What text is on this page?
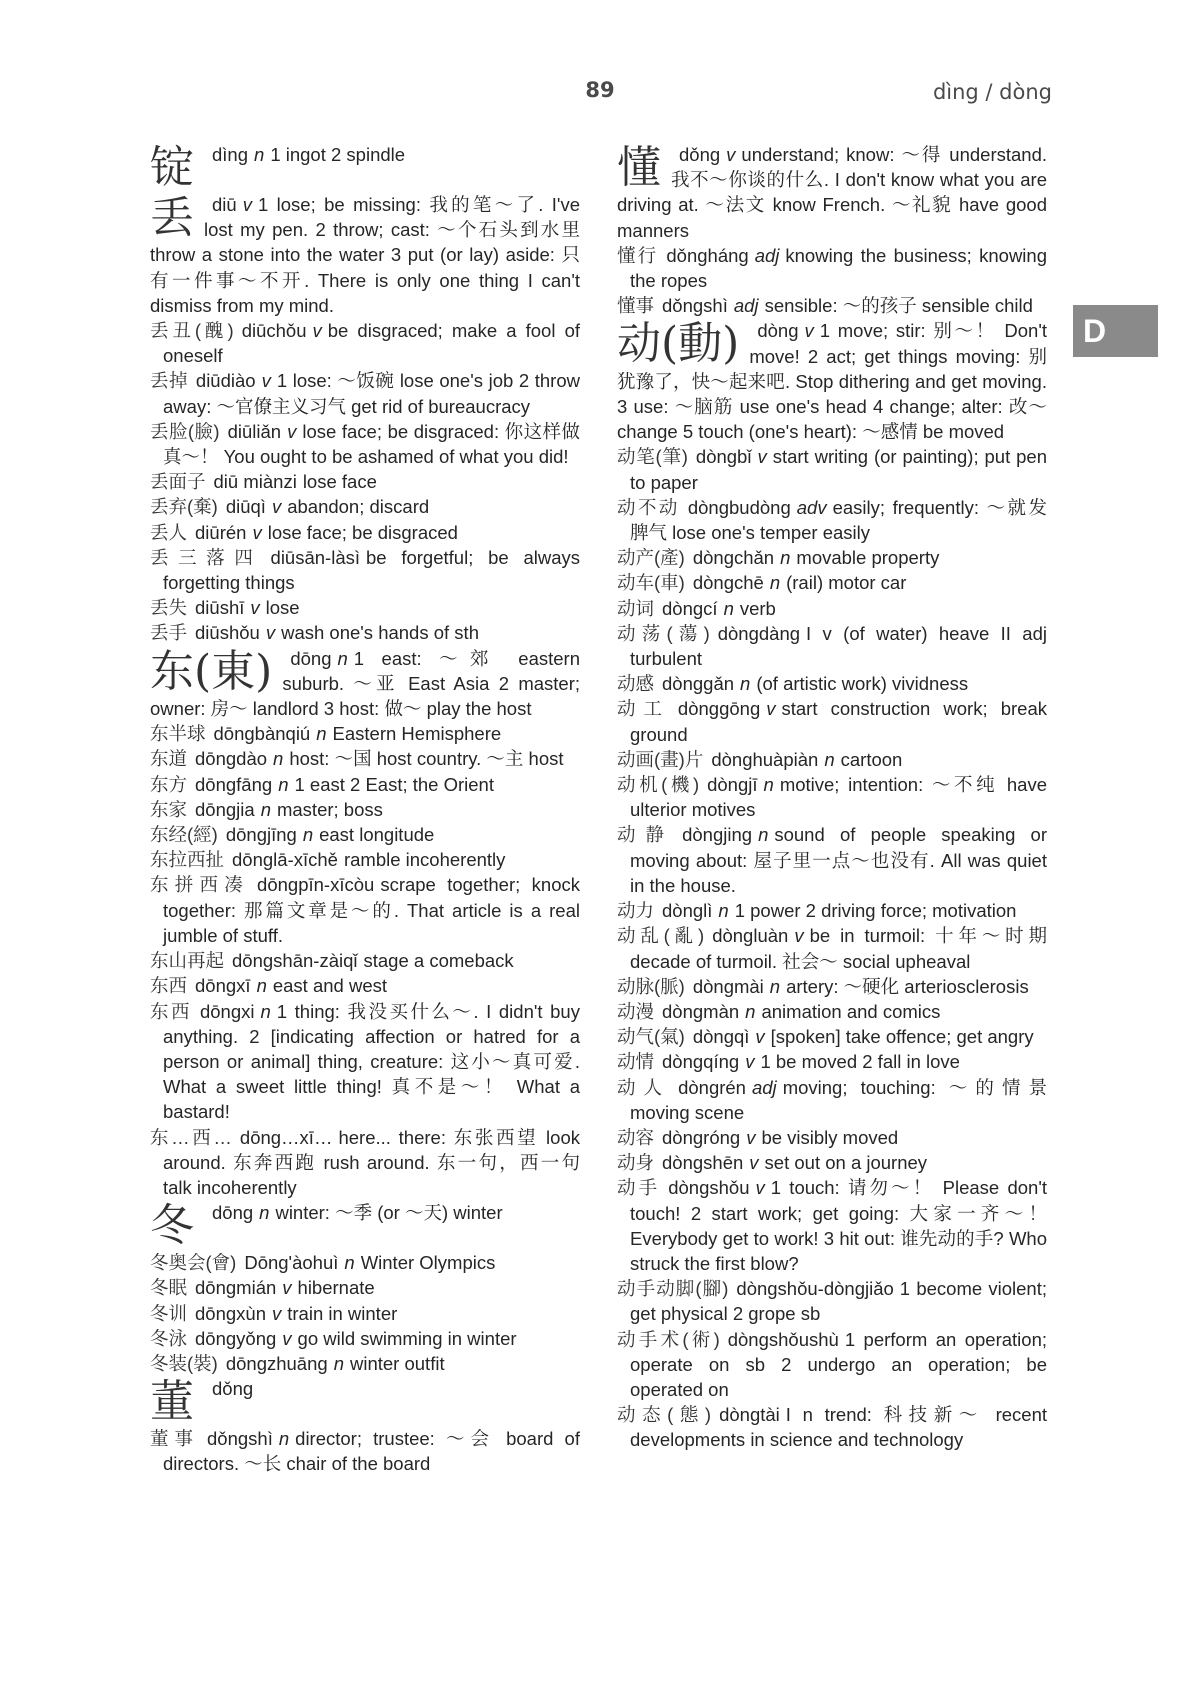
89	dìng / dòng
D
锭dìng n 1 ingot 2 spindle
丢diū v 1 lose; be missing: 我的笔～了. I've lost my pen. 2 throw; cast: ～个石头到水里 throw a stone into the water 3 put (or lay) aside: 只有一件事～不开. There is only one thing I can't dismiss from my mind.
丢丑(醜) diūchǒu v be disgraced; make a fool of oneself
丢掉 diūdiào v 1 lose: ～饭碗 lose one's job 2 throw away: ～官僚主义习气 get rid of bureaucracy
丢脸(臉) diūliǎn v lose face; be disgraced: 你这样做真～！ You ought to be ashamed of what you did!
丢面子 diū miànzi lose face
丢弃(棄) diūqì v abandon; discard
丢人 diūrén v lose face; be disgraced
丢三落四 diūsān-làsì be forgetful; be always forgetting things
丢失 diūshī v lose
丢手 diūshǒu v wash one's hands of sth
东(東) dōng n 1 east: ～郊 eastern suburb. ～亚 East Asia 2 master; owner: 房～ landlord 3 host: 做～ play the host
东半球 dōngbànqiú n Eastern Hemisphere
东道 dōngdào n host: ～国 host country. ～主 host
东方 dōngfāng n 1 east 2 East; the Orient
东家 dōngjia n master; boss
东经(經) dōngjīng n east longitude
东拉西扯 dōnglā-xīchě ramble incoherently
东拼西凑 dōngpīn-xīcòu scrape together; knock together: 那篇文章是～的. That article is a real jumble of stuff.
东山再起 dōngshān-zàiqǐ stage a comeback
东西 dōngxī n east and west
东西 dōngxi n 1 thing: 我没买什么～. I didn't buy anything. 2 [indicating affection or hatred for a person or animal] thing, creature: 这小～真可爱. What a sweet little thing! 真不是～！ What a bastard!
东…西… dōng…xī… here... there: 东张西望 look around. 东奔西跑 rush around. 东一句，西一句 talk incoherently
冬dōng n winter: ～季 (or ～天) winter
冬奥会(會) Dōng'àohuì n Winter Olympics
冬眠 dōngmián v hibernate
冬训 dōngxùn v train in winter
冬泳 dōngyǒng v go wild swimming in winter
冬装(裝) dōngzhuāng n winter outfit
董dǒng
董事 dǒngshì n director; trustee: ～会 board of directors. ～长 chair of the board
懂dǒng v understand; know: ～得 understand. 我不～你谈的什么. I don't know what you are driving at. ～法文 know French. ～礼貌 have good manners
懂行 dǒngháng adj knowing the business; knowing the ropes
懂事 dǒngshì adj sensible: ～的孩子 sensible child
动(動) dòng v 1 move; stir: 别～！ Don't move! 2 act; get things moving: 别犹豫了，快～起来吧. Stop dithering and get moving. 3 use: ～脑筋 use one's head 4 change; alter: 改～ change 5 touch (one's heart): ～感情 be moved
动笔(筆) dòngbǐ v start writing (or painting); put pen to paper
动不动 dòngbudòng adv easily; frequently: ～就发脾气 lose one's temper easily
动产(產) dòngchǎn n movable property
动车(車) dòngchē n (rail) motor car
动词 dòngcí n verb
动荡(蕩) dòngdàng I v (of water) heave II adj turbulent
动感 dònggǎn n (of artistic work) vividness
动工 dònggōng v start construction work; break ground
动画(畫)片 dònghuàpiàn n cartoon
动机(機) dòngjī n motive; intention: ～不纯 have ulterior motives
动静 dòngjing n sound of people speaking or moving about: 屋子里一点～也没有. All was quiet in the house.
动力 dònglì n 1 power 2 driving force; motivation
动乱(亂) dòngluàn v be in turmoil: 十年～时期 decade of turmoil. 社会～ social upheaval
动脉(脈) dòngmài n artery: ～硬化 arteriosclerosis
动漫 dòngmàn n animation and comics
动气(氣) dòngqì v [spoken] take offence; get angry
动情 dòngqíng v 1 be moved 2 fall in love
动人 dòngrén adj moving; touching: ～的情景 moving scene
动容 dòngróng v be visibly moved
动身 dòngshēn v set out on a journey
动手 dòngshǒu v 1 touch: 请勿～！ Please don't touch! 2 start work; get going: 大家一齐～！ Everybody get to work! 3 hit out: 谁先动的手? Who struck the first blow?
动手动脚(腳) dòngshǒu-dòngjiǎo 1 become violent; get physical 2 grope sb
动手术(術) dòngshǒushù 1 perform an operation; operate on sb 2 undergo an operation; be operated on
动态(態) dòngtài I n trend: 科技新～ recent developments in science and technology
